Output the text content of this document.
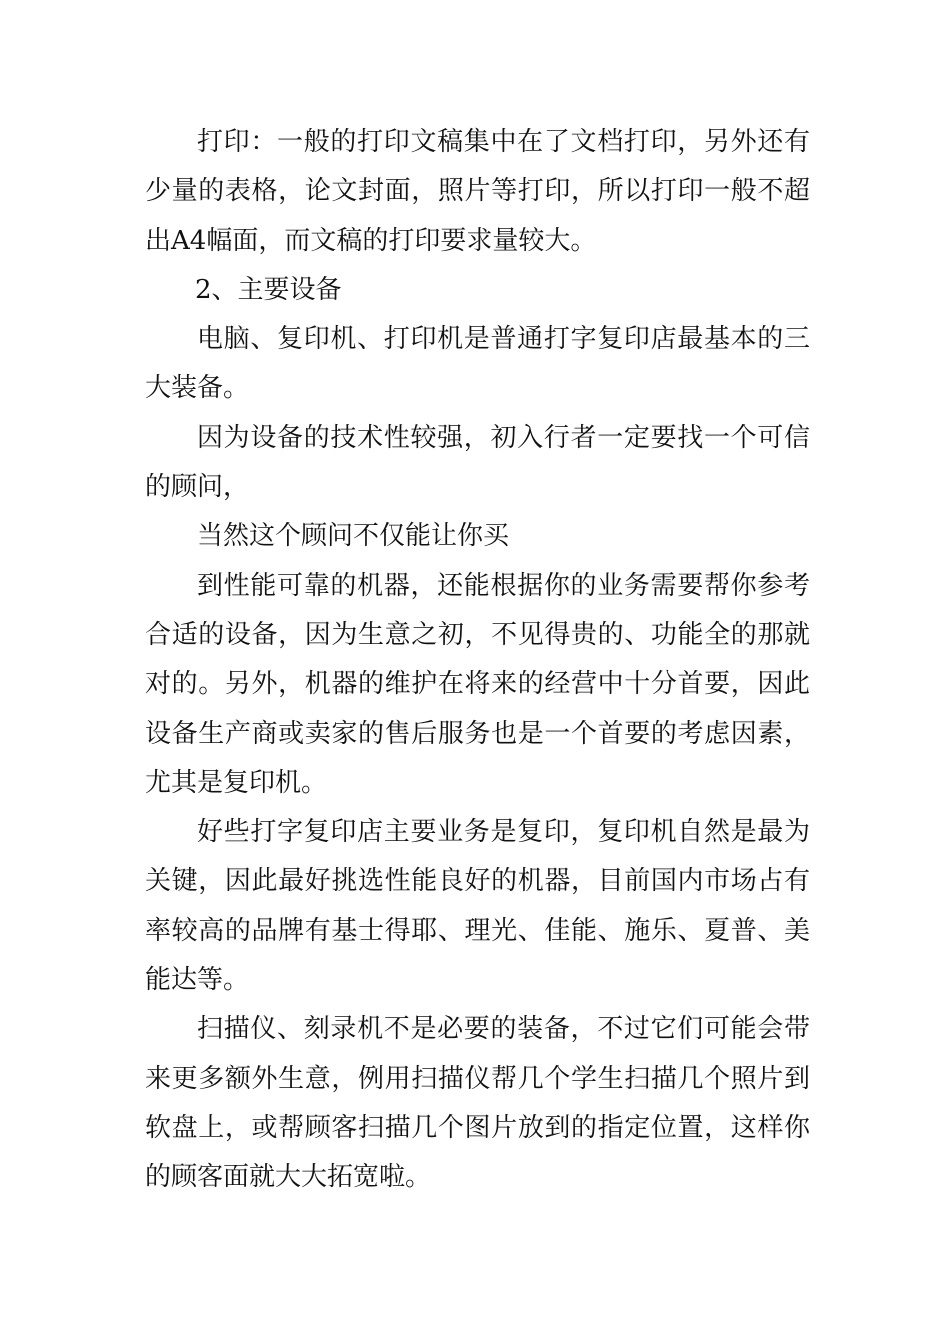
打印：一般的打印文稿集中在了文档打印，另外还有少量的表格，论文封面，照片等打印，所以打印一般不超出A4幅面，而文稿的打印要求量较大。

2、主要设备

电脑、复印机、打印机是普通打字复印店最基本的三大装备。

因为设备的技术性较强，初入行者一定要找一个可信的顾问，

当然这个顾问不仅能让你买

到性能可靠的机器，还能根据你的业务需要帮你参考合适的设备，因为生意之初，不见得贵的、功能全的那就对的。另外，机器的维护在将来的经营中十分首要，因此设备生产商或卖家的售后服务也是一个首要的考虑因素，尤其是复印机。

好些打字复印店主要业务是复印，复印机自然是最为关键，因此最好挑选性能良好的机器，目前国内市场占有率较高的品牌有基士得耶、理光、佳能、施乐、夏普、美能达等。

扫描仪、刻录机不是必要的装备，不过它们可能会带来更多额外生意，例用扫描仪帮几个学生扫描几个照片到软盘上，或帮顾客扫描几个图片放到的指定位置，这样你的顾客面就大大拓宽啦。
